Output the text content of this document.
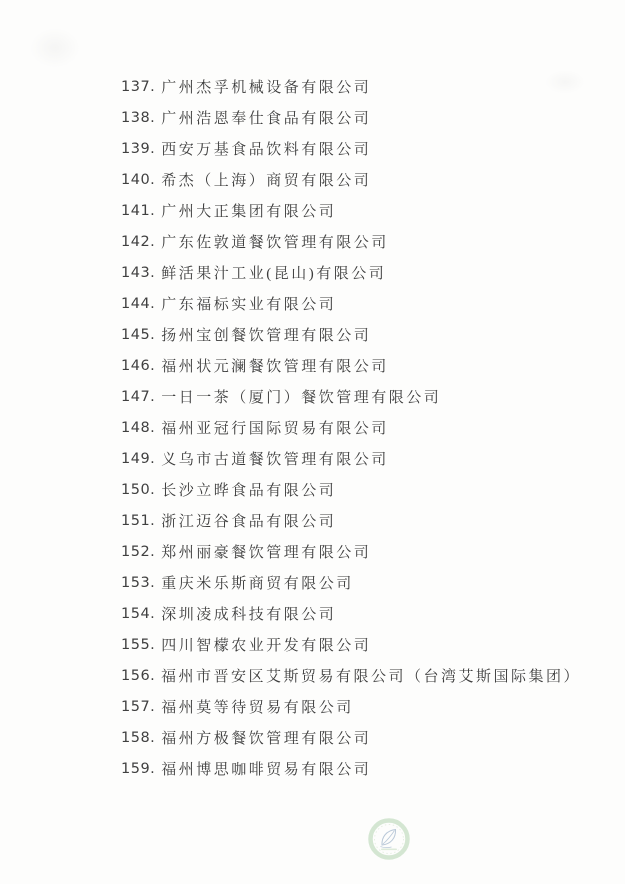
137. 广州杰孚机械设备有限公司
138. 广州浩恩奉仕食品有限公司
139. 西安万基食品饮料有限公司
140. 希杰（上海）商贸有限公司
141. 广州大正集团有限公司
142. 广东佐敦道餐饮管理有限公司
143. 鲜活果汁工业(昆山)有限公司
144. 广东福标实业有限公司
145. 扬州宝创餐饮管理有限公司
146. 福州状元澜餐饮管理有限公司
147. 一日一茶（厦门）餐饮管理有限公司
148. 福州亚冠行国际贸易有限公司
149. 义乌市古道餐饮管理有限公司
150. 长沙立晔食品有限公司
151. 浙江迈谷食品有限公司
152. 郑州丽豪餐饮管理有限公司
153. 重庆米乐斯商贸有限公司
154. 深圳凌成科技有限公司
155. 四川智檬农业开发有限公司
156. 福州市晋安区艾斯贸易有限公司（台湾艾斯国际集团）
157. 福州莫等待贸易有限公司
158. 福州方极餐饮管理有限公司
159. 福州博思咖啡贸易有限公司
